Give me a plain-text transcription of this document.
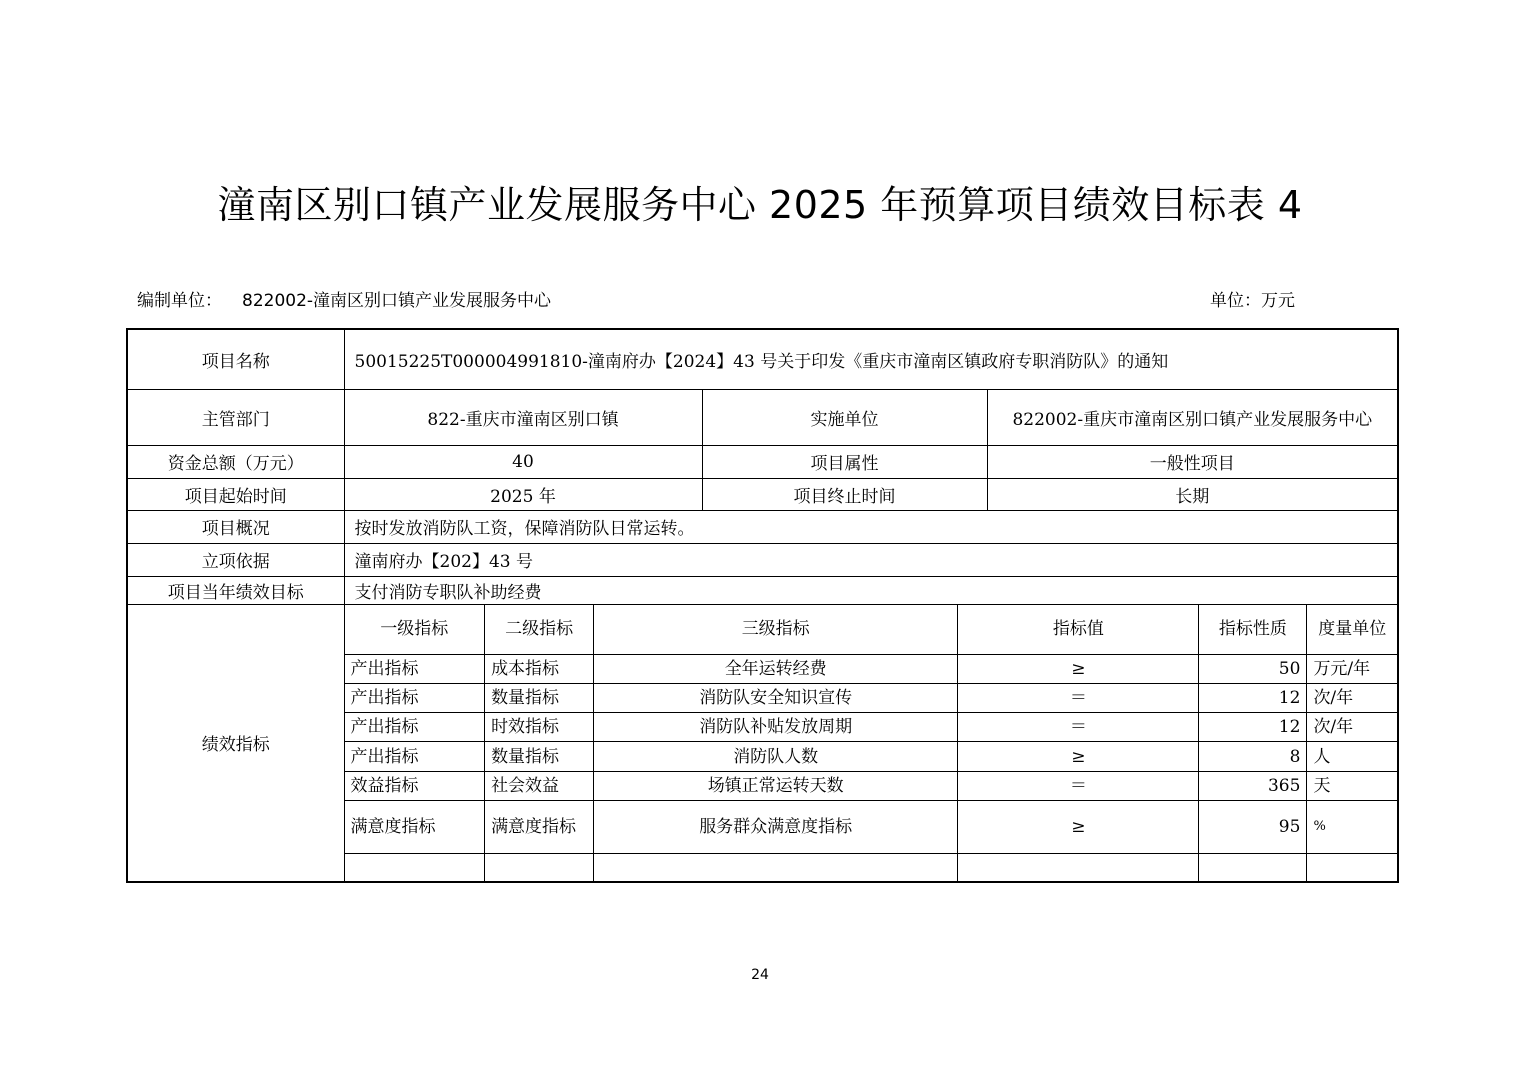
潼南区别口镇产业发展服务中心 2025 年预算项目绩效目标表 4
编制单位： 822002-潼南区别口镇产业发展服务中心	单位：万元
项目名称	50015225T000004991810-潼南府办【2024】43 号关于印发《重庆市潼南区镇政府专职消防队》的通知
主管部门	822-重庆市潼南区别口镇	实施单位	822002-重庆市潼南区别口镇产业发展服务中心
资金总额（万元）	40	项目属性	一般性项目
项目起始时间	2025 年	项目终止时间	长期
项目概况	按时发放消防队工资，保障消防队日常运转。
立项依据	潼南府办【202】43 号
项目当年绩效目标	支付消防专职队补助经费
绩效指标	
一级指标	二级指标	三级指标	指标值	指标性质	度量单位
产出指标	成本指标	全年运转经费	≥	50	万元/年
产出指标	数量指标	消防队安全知识宣传	＝	12	次/年
产出指标	时效指标	消防队补贴发放周期	＝	12	次/年
产出指标	数量指标	消防队人数	≥	8	人
效益指标	社会效益	场镇正常运转天数	＝	365	天
满意度指标	满意度指标	服务群众满意度指标	≥	95	%

24
